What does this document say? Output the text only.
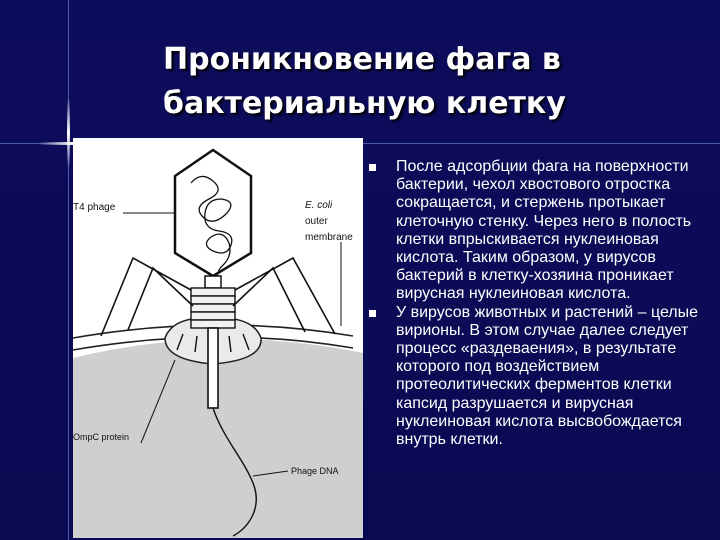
Проникновение фага в бактериальную клетку
T4 phage	E. coli
outer
membrane
OmpC protein
Phage DNA
После адсорбции фага на поверхности бактерии, чехол хвостового отростка сокращается, и стержень протыкает клеточную стенку. Через него в полость клетки впрыскивается нуклеиновая кислота. Таким образом, у вирусов бактерий в клетку-хозяина проникает вирусная нуклеиновая кислота.
У вирусов животных и растений – целые вирионы. В этом случае далее следует процесс «раздеваения», в результате которого под воздействием протеолитических ферментов клетки капсид разрушается и вирусная нуклеиновая кислота высвобождается внутрь клетки.
